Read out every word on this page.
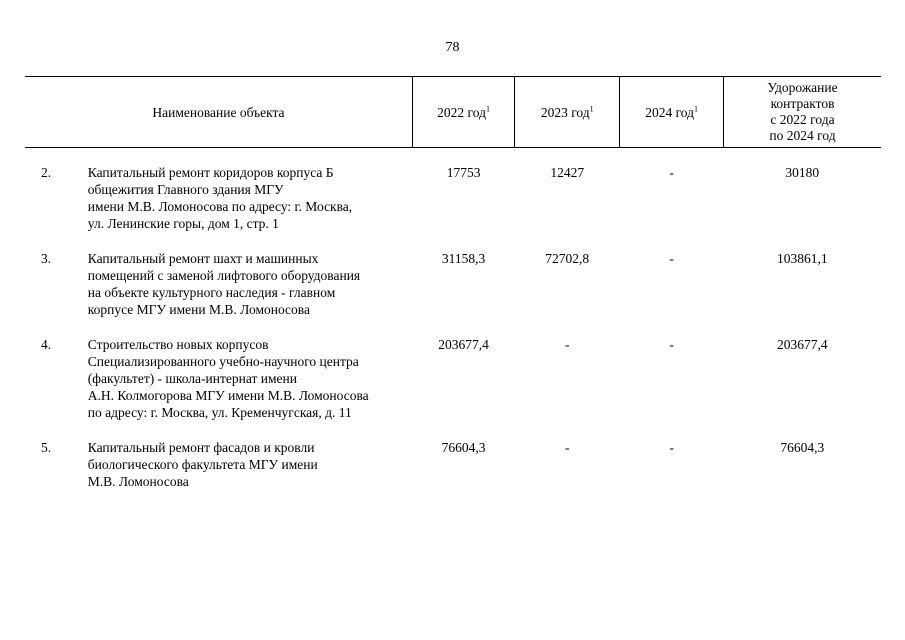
78
Наименование объекта		2022 год$^1$	2023 год$^1$	2024 год$^1$	Удорожание
контрактов
с 2022 года
по 2024 год

2.	Капитальный ремонт коридоров корпуса Б
общежития Главного здания МГУ
имени М.В. Ломоносова по адресу: г. Москва,
ул. Ленинские горы, дом 1, стр. 1	17753	12427	-	30180
3.	Капитальный ремонт шахт и машинных
помещений с заменой лифтового оборудования
на объекте культурного наследия - главном
корпусе МГУ имени М.В. Ломоносова	31158,3	72702,8	-	103861,1
4.	Строительство новых корпусов
Специализированного учебно-научного центра
(факультет) - школа-интернат имени
А.Н. Колмогорова МГУ имени М.В. Ломоносова
по адресу: г. Москва, ул. Кременчугская, д. 11	203677,4	-	-	203677,4
5.	Капитальный ремонт фасадов и кровли
биологического факультета МГУ имени
М.В. Ломоносова	76604,3	-	-	76604,3
